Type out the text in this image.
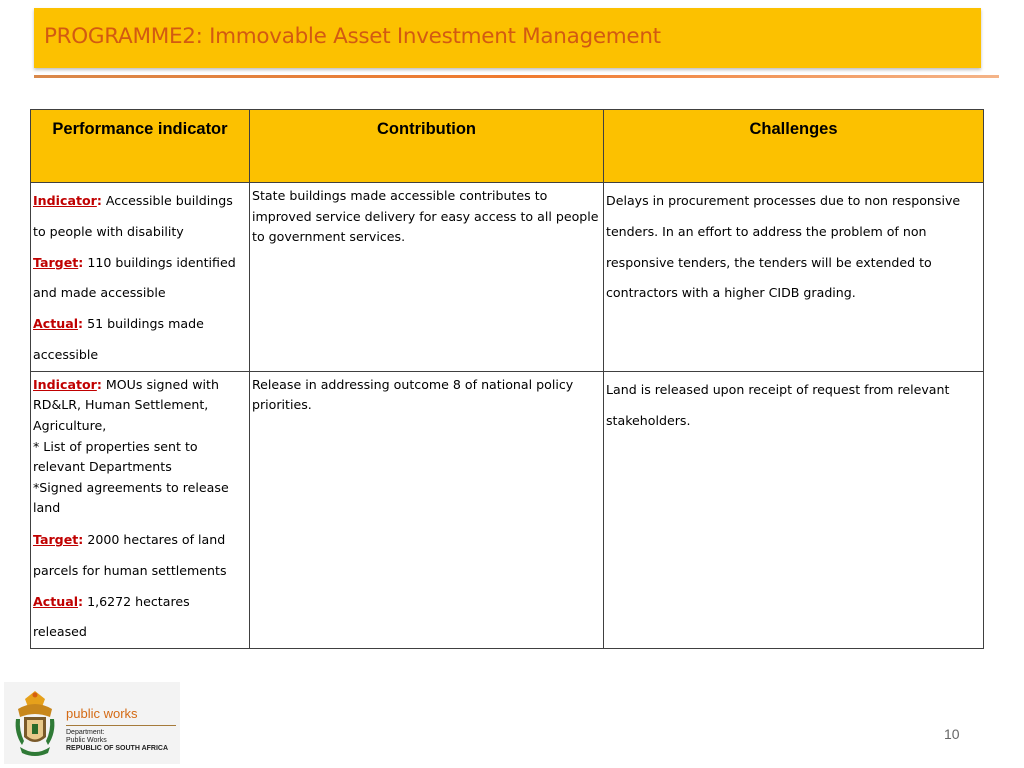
PROGRAMME2: Immovable Asset Investment Management
Performance indicator	Contribution	Challenges

Indicator: Accessible buildings to people with disability
Target: 110 buildings identified and made accessible
Actual: 51 buildings made accessible	State buildings made accessible contributes to improved service delivery for easy access to all people to government services.	Delays in procurement processes due to non responsive tenders. In an effort to address the problem of non responsive tenders, the tenders will be extended to contractors with a higher CIDB grading.

Indicator: MOUs signed with RD&LR, Human Settlement, Agriculture,
* List of properties sent to relevant Departments
*Signed agreements to release land
Target: 2000 hectares of land parcels for human settlements
Actual: 1,6272 hectares released	Release in addressing outcome 8 of national policy priorities.	Land is released upon receipt of request from relevant stakeholders.
public works
Department:
Public Works
REPUBLIC OF SOUTH AFRICA
10
